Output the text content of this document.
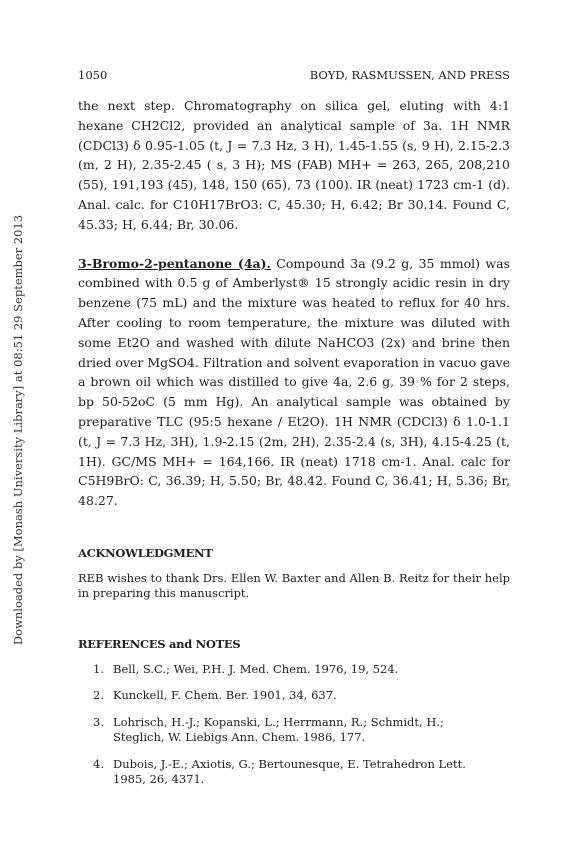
Downloaded by [Monash University Library] at 08:51 29 September 2013
1050	BOYD, RASMUSSEN, AND PRESS

the next step. Chromatography on silica gel, eluting with 4:1 hexane CH2Cl2, provided an analytical sample of 3a. 1H NMR (CDCl3) δ 0.95-1.05 (t, J = 7.3 Hz, 3 H), 1.45-1.55 (s, 9 H), 2.15-2.3 (m, 2 H), 2.35-2.45 ( s, 3 H); MS (FAB) MH+ = 263, 265, 208,210 (55), 191,193 (45), 148, 150 (65), 73 (100). IR (neat) 1723 cm-1 (d). Anal. calc. for C10H17BrO3: C, 45.30; H, 6.42; Br 30.14. Found C, 45.33; H, 6.44; Br, 30.06.

3-Bromo-2-pentanone (4a). Compound 3a (9.2 g, 35 mmol) was combined with 0.5 g of Amberlyst® 15 strongly acidic resin in dry benzene (75 mL) and the mixture was heated to reflux for 40 hrs. After cooling to room temperature, the mixture was diluted with some Et2O and washed with dilute NaHCO3 (2x) and brine then dried over MgSO4. Filtration and solvent evaporation in vacuo gave a brown oil which was distilled to give 4a, 2.6 g, 39 % for 2 steps, bp 50-52oC (5 mm Hg). An analytical sample was obtained by preparative TLC (95:5 hexane / Et2O). 1H NMR (CDCl3) δ 1.0-1.1 (t, J = 7.3 Hz, 3H), 1.9-2.15 (2m, 2H), 2.35-2.4 (s, 3H), 4.15-4.25 (t, 1H). GC/MS MH+ = 164,166. IR (neat) 1718 cm-1. Anal. calc for C5H9BrO: C, 36.39; H, 5.50; Br, 48.42. Found C, 36.41; H, 5.36; Br, 48.27.

ACKNOWLEDGMENT

REB wishes to thank Drs. Ellen W. Baxter and Allen B. Reitz for their help in preparing this manuscript.

REFERENCES and NOTES
1. Bell, S.C.; Wei, P.H. J. Med. Chem. 1976, 19, 524.
2. Kunckell, F. Chem. Ber. 1901, 34, 637.
3. Lohrisch, H.-J.; Kopanski, L.; Herrmann, R.; Schmidt, H.; Steglich, W. Liebigs Ann. Chem. 1986, 177.
4. Dubois, J.-E.; Axiotis, G.; Bertounesque, E. Tetrahedron Lett. 1985, 26, 4371.
